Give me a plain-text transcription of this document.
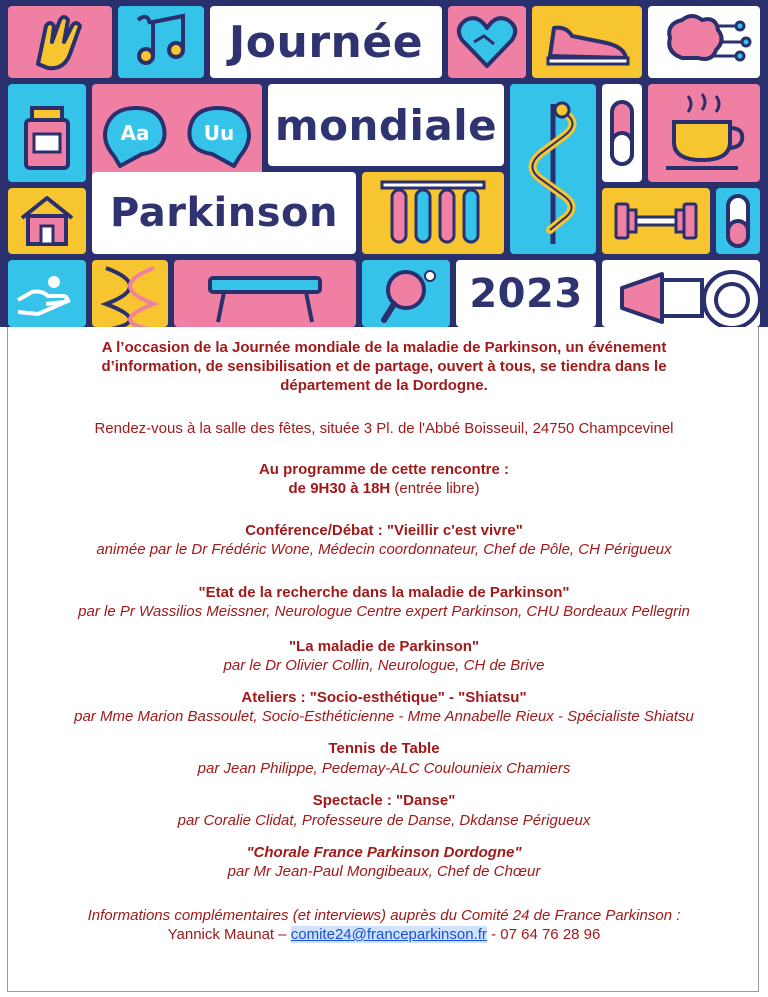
Journée
Aa	Uu mondiale
Parkinson
2023
A l’occasion de la Journée mondiale de la maladie de Parkinson, un événement
d’information, de sensibilisation et de partage, ouvert à tous, se tiendra dans le
département de la Dordogne.
Rendez-vous à la salle des fêtes, située 3 Pl. de l'Abbé Boisseuil, 24750 Champcevinel
Au programme de cette rencontre :
de 9H30 à 18H (entrée libre)
Conférence/Débat : "Vieillir c'est vivre"
animée par le Dr Frédéric Wone, Médecin coordonnateur, Chef de Pôle, CH Périgueux
"Etat de la recherche dans la maladie de Parkinson"
par le Pr Wassilios Meissner, Neurologue Centre expert Parkinson, CHU Bordeaux Pellegrin
"La maladie de Parkinson"
par le Dr Olivier Collin, Neurologue, CH de Brive
Ateliers : "Socio-esthétique" - "Shiatsu"
par Mme Marion Bassoulet, Socio-Esthéticienne - Mme Annabelle Rieux - Spécialiste Shiatsu
Tennis de Table
par Jean Philippe, Pedemay-ALC Coulounieix Chamiers
Spectacle : "Danse"
par Coralie Clidat, Professeure de Danse, Dkdanse Périgueux
"Chorale France Parkinson Dordogne"
par Mr Jean-Paul Mongibeaux, Chef de Chœur
Informations complémentaires (et interviews) auprès du Comité 24 de France Parkinson :
Yannick Maunat – comite24@franceparkinson.fr - 07 64 76 28 96
